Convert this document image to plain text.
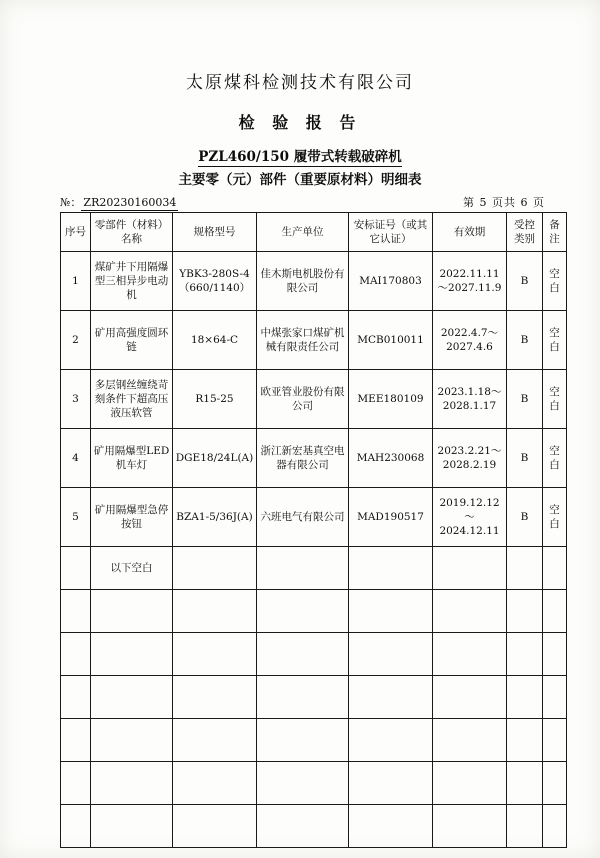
太原煤科检测技术有限公司
检 验 报 告
PZL460/150 履带式转载破碎机
主要零（元）部件（重要原材料）明细表
№： ZR20230160034	第 5 页共 6 页
序号	零部件（材料）名称	规格型号	生产单位	安标证号（或其它认证）	有效期	受控类别	备注
1	煤矿井下用隔爆型三相异步电动机	YBK3-280S-4（660/1140）	佳木斯电机股份有限公司	MAI170803	2022.11.11～2027.11.9	B	空白
2	矿用高强度圆环链	18×64-C	中煤张家口煤矿机械有限责任公司	MCB010011	2022.4.7～2027.4.6	B	空白
3	多层钢丝缠绕苛刻条件下超高压液压软管	R15-25	欧亚管业股份有限公司	MEE180109	2023.1.18～2028.1.17	B	空白
4	矿用隔爆型LED机车灯	DGE18/24L(A)	浙江新宏基真空电器有限公司	MAH230068	2023.2.21～2028.2.19	B	空白
5	矿用隔爆型急停按钮	BZA1-5/36J(A)	六班电气有限公司	MAD190517	2019.12.12～2024.12.11	B	空白
	以下空白						
